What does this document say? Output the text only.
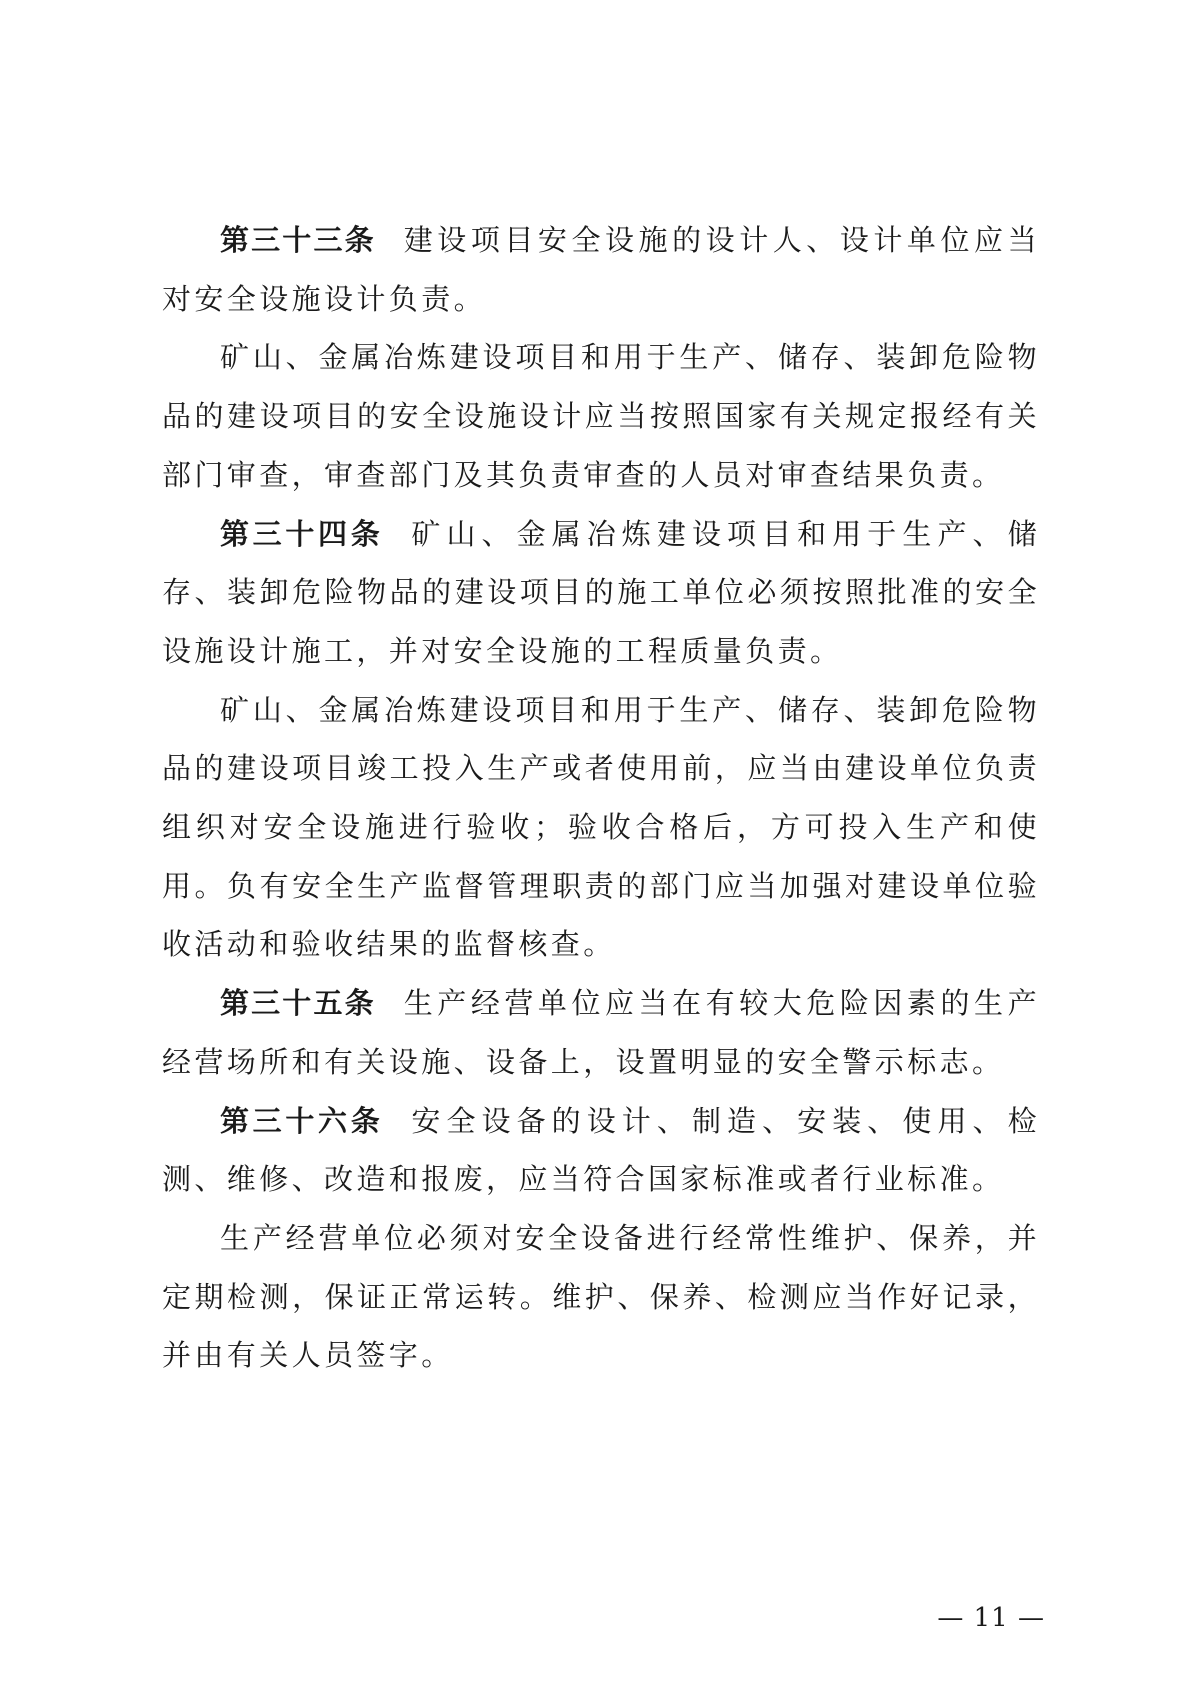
第三十三条 建设项目安全设施的设计人、设计单位应当对安全设施设计负责。

矿山、金属冶炼建设项目和用于生产、储存、装卸危险物品的建设项目的安全设施设计应当按照国家有关规定报经有关部门审查，审查部门及其负责审查的人员对审查结果负责。

第三十四条 矿山、金属冶炼建设项目和用于生产、储存、装卸危险物品的建设项目的施工单位必须按照批准的安全设施设计施工，并对安全设施的工程质量负责。

矿山、金属冶炼建设项目和用于生产、储存、装卸危险物品的建设项目竣工投入生产或者使用前，应当由建设单位负责组织对安全设施进行验收；验收合格后，方可投入生产和使用。负有安全生产监督管理职责的部门应当加强对建设单位验收活动和验收结果的监督核查。

第三十五条 生产经营单位应当在有较大危险因素的生产经营场所和有关设施、设备上，设置明显的安全警示标志。

第三十六条 安全设备的设计、制造、安装、使用、检测、维修、改造和报废，应当符合国家标准或者行业标准。

生产经营单位必须对安全设备进行经常性维护、保养，并定期检测，保证正常运转。维护、保养、检测应当作好记录，并由有关人员签字。

— 11 —
